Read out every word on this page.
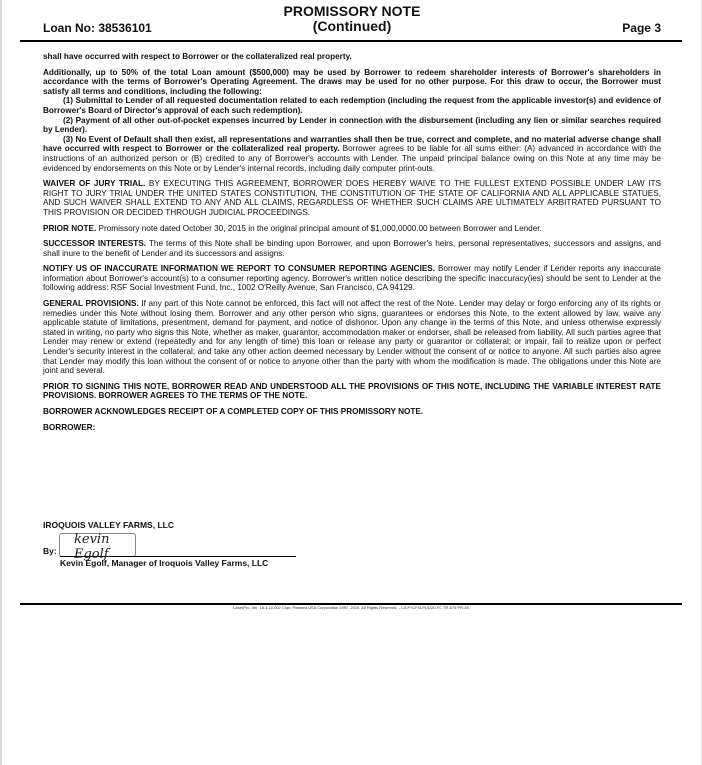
Loan No: 38536101
PROMISSORY NOTE
(Continued)	Page 3

shall have occurred with respect to Borrower or the collateralized real property.

Additionally, up to 50% of the total Loan amount ($500,000) may be used by Borrower to redeem shareholder interests of Borrower's shareholders in accordance with the terms of Borrower's Operating Agreement. The draws may be used for no other purpose. For this draw to occur, the Borrower must satisfy all terms and conditions, including the following:

(1) Submittal to Lender of all requested documentation related to each redemption (including the request from the applicable investor(s) and evidence of Borrower's Board of Director's approval of each such redemption).

(2) Payment of all other out-of-pocket expenses incurred by Lender in connection with the disbursement (including any lien or similar searches required by Lender).

(3) No Event of Default shall then exist, all representations and warranties shall then be true, correct and complete, and no material adverse change shall have occurred with respect to Borrower or the collateralized real property. Borrower agrees to be liable for all sums either: (A) advanced in accordance with the instructions of an authorized person or (B) credited to any of Borrower's accounts with Lender. The unpaid principal balance owing on this Note at any time may be evidenced by endorsements on this Note or by Lender's internal records, including daily computer print-outs.

WAIVER OF JURY TRIAL. BY EXECUTING THIS AGREEMENT, BORROWER DOES HEREBY WAIVE TO THE FULLEST EXTEND POSSIBLE UNDER LAW ITS RIGHT TO JURY TRIAL UNDER THE UNITED STATES CONSTITUTION, THE CONSTITUTION OF THE STATE OF CALIFORNIA AND ALL APPLICABLE STATUES, AND SUCH WAIVER SHALL EXTEND TO ANY AND ALL CLAIMS, REGARDLESS OF WHETHER SUCH CLAIMS ARE ULTIMATELY ARBITRATED PURSUANT TO THIS PROVISION OR DECIDED THROUGH JUDICIAL PROCEEDINGS.

PRIOR NOTE. Promissory note dated October 30, 2015 in the original principal amount of $1,000,0000.00 between Borrower and Lender.

SUCCESSOR INTERESTS. The terms of this Note shall be binding upon Borrower, and upon Borrower's heirs, personal representatives, successors and assigns, and shall inure to the benefit of Lender and its successors and assigns.

NOTIFY US OF INACCURATE INFORMATION WE REPORT TO CONSUMER REPORTING AGENCIES. Borrower may notify Lender if Lender reports any inaccurate information about Borrower's account(s) to a consumer reporting agency. Borrower's written notice describing the specific inaccuracy(ies) should be sent to Lender at the following address: RSF Social Investment Fund, Inc., 1002 O'Reilly Avenue, San Francisco, CA 94129.

GENERAL PROVISIONS. If any part of this Note cannot be enforced, this fact will not affect the rest of the Note. Lender may delay or forgo enforcing any of its rights or remedies under this Note without losing them. Borrower and any other person who signs, guarantees or endorses this Note, to the extent allowed by law, waive any applicable statute of limitations, presentment, demand for payment, and notice of dishonor. Upon any change in the terms of this Note, and unless otherwise expressly stated in writing, no party who signs this Note, whether as maker, guarantor, accommodation maker or endorser, shall be released from liability. All such parties agree that Lender may renew or extend (repeatedly and for any length of time) this loan or release any party or guarantor or collateral; or impair, fail to realize upon or perfect Lender's security interest in the collateral; and take any other action deemed necessary by Lender without the consent of or notice to anyone. All such parties also agree that Lender may modify this loan without the consent of or notice to anyone other than the party with whom the modification is made. The obligations under this Note are joint and several.

PRIOR TO SIGNING THIS NOTE, BORROWER READ AND UNDERSTOOD ALL THE PROVISIONS OF THIS NOTE, INCLUDING THE VARIABLE INTEREST RATE PROVISIONS. BORROWER AGREES TO THE TERMS OF THE NOTE.

BORROWER ACKNOWLEDGES RECEIPT OF A COMPLETED COPY OF THIS PROMISSORY NOTE.

BORROWER:

IROQUOIS VALLEY FARMS, LLC
By:
kevin Egolf
Kevin Egolf, Manager of Iroquois Valley Farms, LLC
LaserPro, Ver. 18.4.10.002 Copr. Finastra USA Corporation 1997, 2019. All Rights Reserved. - CA P:\CFI\LPL\D20.FC TR-675 PR-45
